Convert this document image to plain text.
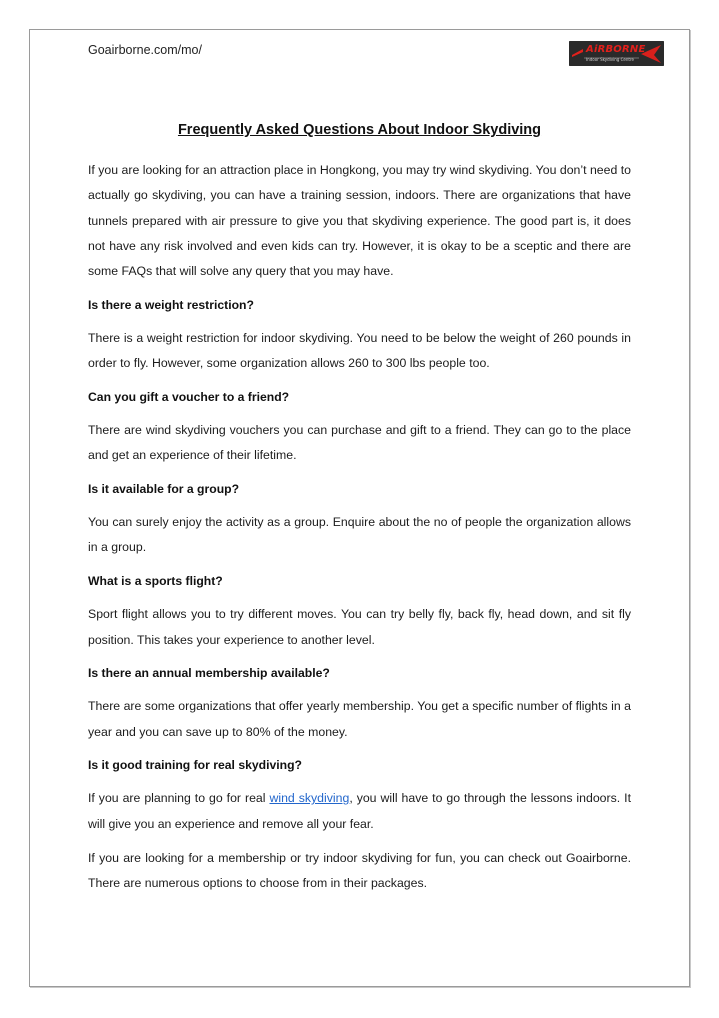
Goairborne.com/mo/	AiRBORNE
Indoor Skydiving Centre
Frequently Asked Questions About Indoor Skydiving

If you are looking for an attraction place in Hongkong, you may try wind skydiving. You don’t need to actually go skydiving, you can have a training session, indoors. There are organizations that have tunnels prepared with air pressure to give you that skydiving experience. The good part is, it does not have any risk involved and even kids can try. However, it is okay to be a sceptic and there are some FAQs that will solve any query that you may have.

Is there a weight restriction?

There is a weight restriction for indoor skydiving. You need to be below the weight of 260 pounds in order to fly. However, some organization allows 260 to 300 lbs people too.

Can you gift a voucher to a friend?

There are wind skydiving vouchers you can purchase and gift to a friend. They can go to the place and get an experience of their lifetime.

Is it available for a group?

You can surely enjoy the activity as a group. Enquire about the no of people the organization allows in a group.

What is a sports flight?

Sport flight allows you to try different moves. You can try belly fly, back fly, head down, and sit fly position. This takes your experience to another level.

Is there an annual membership available?

There are some organizations that offer yearly membership. You get a specific number of flights in a year and you can save up to 80% of the money.

Is it good training for real skydiving?

If you are planning to go for real wind skydiving, you will have to go through the lessons indoors. It will give you an experience and remove all your fear.

If you are looking for a membership or try indoor skydiving for fun, you can check out Goairborne. There are numerous options to choose from in their packages.
